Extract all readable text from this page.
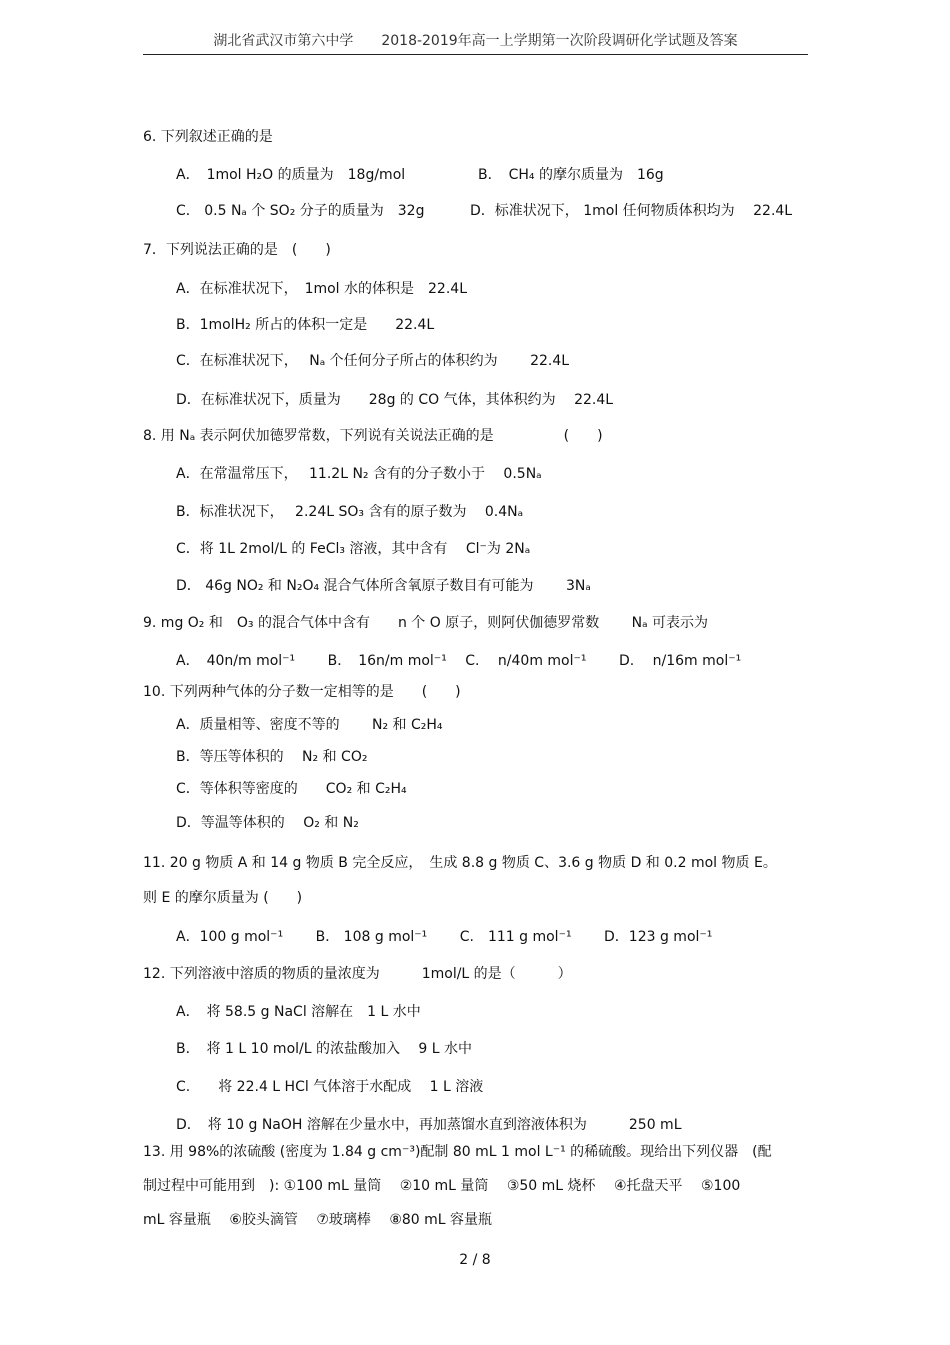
湖北省武汉市第六中学　　2018-2019年高一上学期第一次阶段调研化学试题及答案
6. 下列叙述正确的是
A．　1mol H₂O 的质量为　18g/mol	B．　CH₄ 的摩尔质量为　16g
C． 0.5 Nₐ 个 SO₂ 分子的质量为　32g	D．标准状况下， 1mol 任何物质体积均为　 22.4L
7．下列说法正确的是　(　　)
A．在标准状况下，　1mol 水的体积是　22.4L
B．1molH₂ 所占的体积一定是　　22.4L
C．在标准状况下，　 Nₐ 个任何分子所占的体积约为　　 22.4L
D．在标准状况下，质量为　　28g 的 CO 气体，其体积约为　 22.4L
8. 用 Nₐ 表示阿伏加德罗常数，下列说有关说法正确的是　　　　　(　　)
A．在常温常压下，　 11.2L N₂ 含有的分子数小于　 0.5Nₐ
B．标准状况下，　 2.24L SO₃ 含有的原子数为　 0.4Nₐ
C．将 1L 2mol/L 的 FeCl₃ 溶液，其中含有　 Cl⁻为 2Nₐ
D． 46g NO₂ 和 N₂O₄ 混合气体所含氧原子数目有可能为　　 3Nₐ
9. mg O₂ 和　O₃ 的混合气体中含有　　n 个 O 原子，则阿伏伽德罗常数　　 Nₐ 可表示为
A．　40n/m mol⁻¹　　 B．　16n/m mol⁻¹　 C.　 n/40m mol⁻¹　　 D.　 n/16m mol⁻¹
10. 下列两种气体的分子数一定相等的是　　(　　)
A．质量相等、密度不等的　　 N₂ 和 C₂H₄
B．等压等体积的　 N₂ 和 CO₂
C．等体积等密度的　　CO₂ 和 C₂H₄
D．等温等体积的　 O₂ 和 N₂
11. 20 g 物质 A 和 14 g 物质 B 完全反应，　生成 8.8 g 物质 C、3.6 g 物质 D 和 0.2 mol 物质 E。
则 E 的摩尔质量为 (　　)
A．100 g mol⁻¹　　 B． 108 g mol⁻¹　　 C.　111 g mol⁻¹　　 D．123 g mol⁻¹
12. 下列溶液中溶质的物质的量浓度为　　　1mol/L 的是（　　　）
A．　将 58.5 g NaCl 溶解在　1 L 水中
B．　将 1 L 10 mol/L 的浓盐酸加入　 9 L 水中
C.　　将 22.4 L HCl 气体溶于水配成　 1 L 溶液
D．　将 10 g NaOH 溶解在少量水中，再加蒸馏水直到溶液体积为　　　250 mL
13. 用 98%的浓硫酸 (密度为 1.84 g cm⁻³)配制 80 mL 1 mol L⁻¹ 的稀硫酸。现给出下列仪器　(配
制过程中可能用到　): ①100 mL 量筒　 ②10 mL 量筒　 ③50 mL 烧杯　 ④托盘天平　 ⑤100
mL 容量瓶　 ⑥胶头滴管　 ⑦玻璃棒　 ⑧80 mL 容量瓶
2 / 8
